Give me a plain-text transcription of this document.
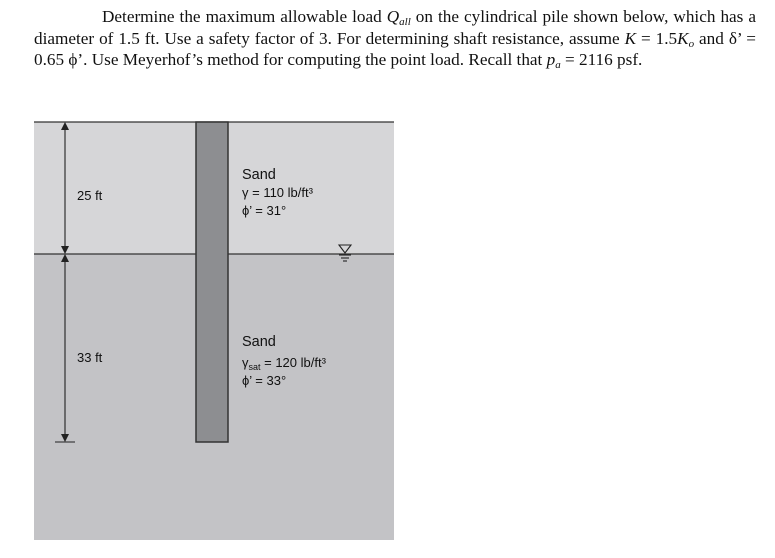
Determine the maximum allowable load $Q_{all}$ on the cylindrical pile shown below, which has a diameter of 1.5 ft. Use a safety factor of 3. For determining shaft resistance, assume $K = 1.5K_o$ and δ’ = 0.65 ϕ’. Use Meyerhof’s method for computing the point load. Recall that $p_a = 2116$ psf.
25 ft
33 ft
Sand
γ = 110 lb/ft³
ϕ’ = 31°
Sand
$\gamma_{sat} = 120$ lb/ft³
ϕ’ = 33°
